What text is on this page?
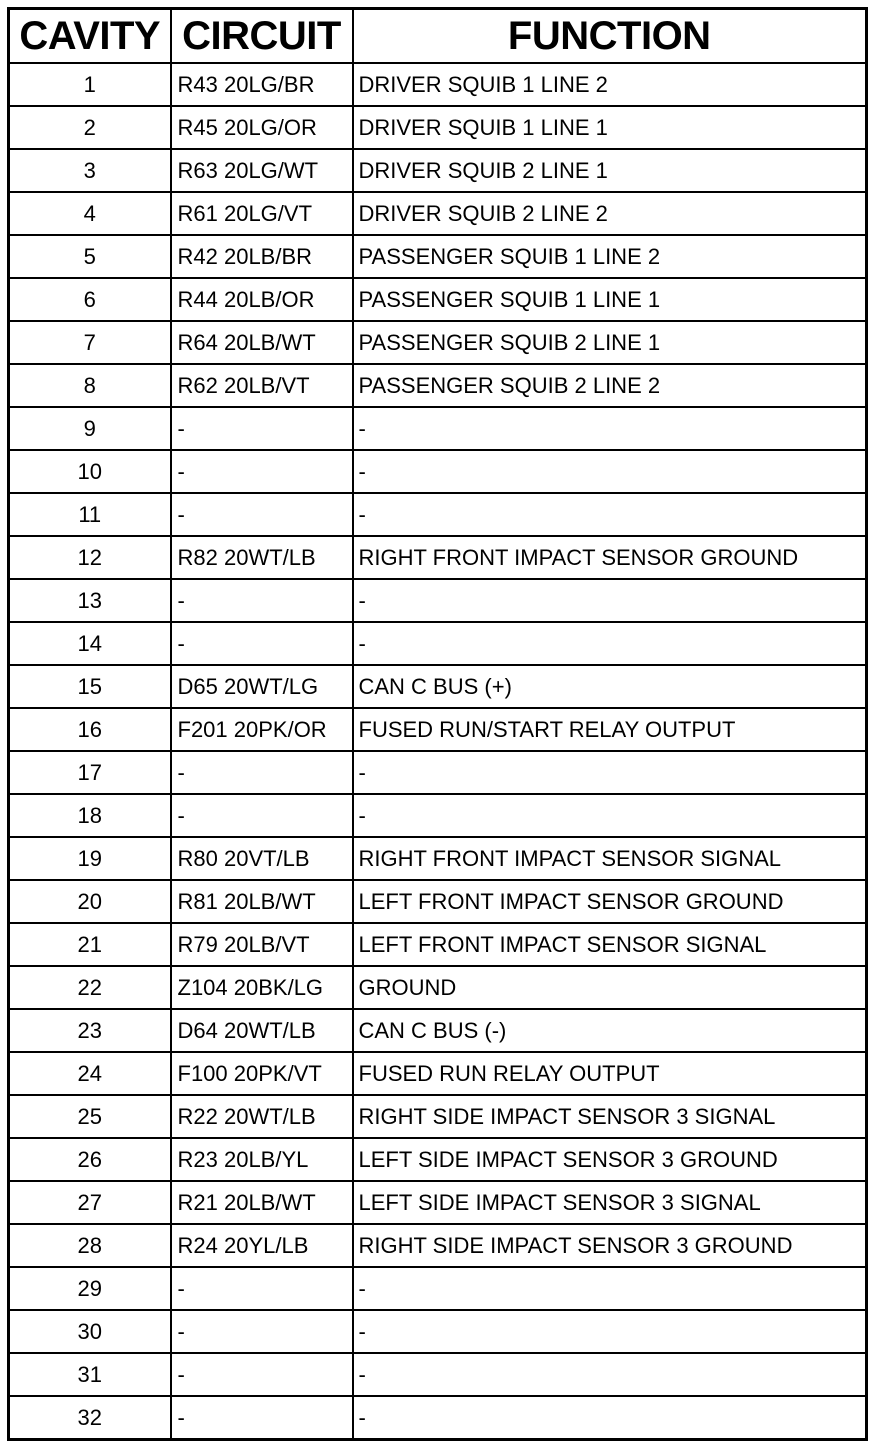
CAVITY	CIRCUIT	FUNCTION
1	R43 20LG/BR	DRIVER SQUIB 1 LINE 2
2	R45 20LG/OR	DRIVER SQUIB 1 LINE 1
3	R63 20LG/WT	DRIVER SQUIB 2 LINE 1
4	R61 20LG/VT	DRIVER SQUIB 2 LINE 2
5	R42 20LB/BR	PASSENGER SQUIB 1 LINE 2
6	R44 20LB/OR	PASSENGER SQUIB 1 LINE 1
7	R64 20LB/WT	PASSENGER SQUIB 2 LINE 1
8	R62 20LB/VT	PASSENGER SQUIB 2 LINE 2
9	-	-
10	-	-
11	-	-
12	R82 20WT/LB	RIGHT FRONT IMPACT SENSOR GROUND
13	-	-
14	-	-
15	D65 20WT/LG	CAN C BUS (+)
16	F201 20PK/OR	FUSED RUN/START RELAY OUTPUT
17	-	-
18	-	-
19	R80 20VT/LB	RIGHT FRONT IMPACT SENSOR SIGNAL
20	R81 20LB/WT	LEFT FRONT IMPACT SENSOR GROUND
21	R79 20LB/VT	LEFT FRONT IMPACT SENSOR SIGNAL
22	Z104 20BK/LG	GROUND
23	D64 20WT/LB	CAN C BUS (-)
24	F100 20PK/VT	FUSED RUN RELAY OUTPUT
25	R22 20WT/LB	RIGHT SIDE IMPACT SENSOR 3 SIGNAL
26	R23 20LB/YL	LEFT SIDE IMPACT SENSOR 3 GROUND
27	R21 20LB/WT	LEFT SIDE IMPACT SENSOR 3 SIGNAL
28	R24 20YL/LB	RIGHT SIDE IMPACT SENSOR 3 GROUND
29	-	-
30	-	-
31	-	-
32	-	-
